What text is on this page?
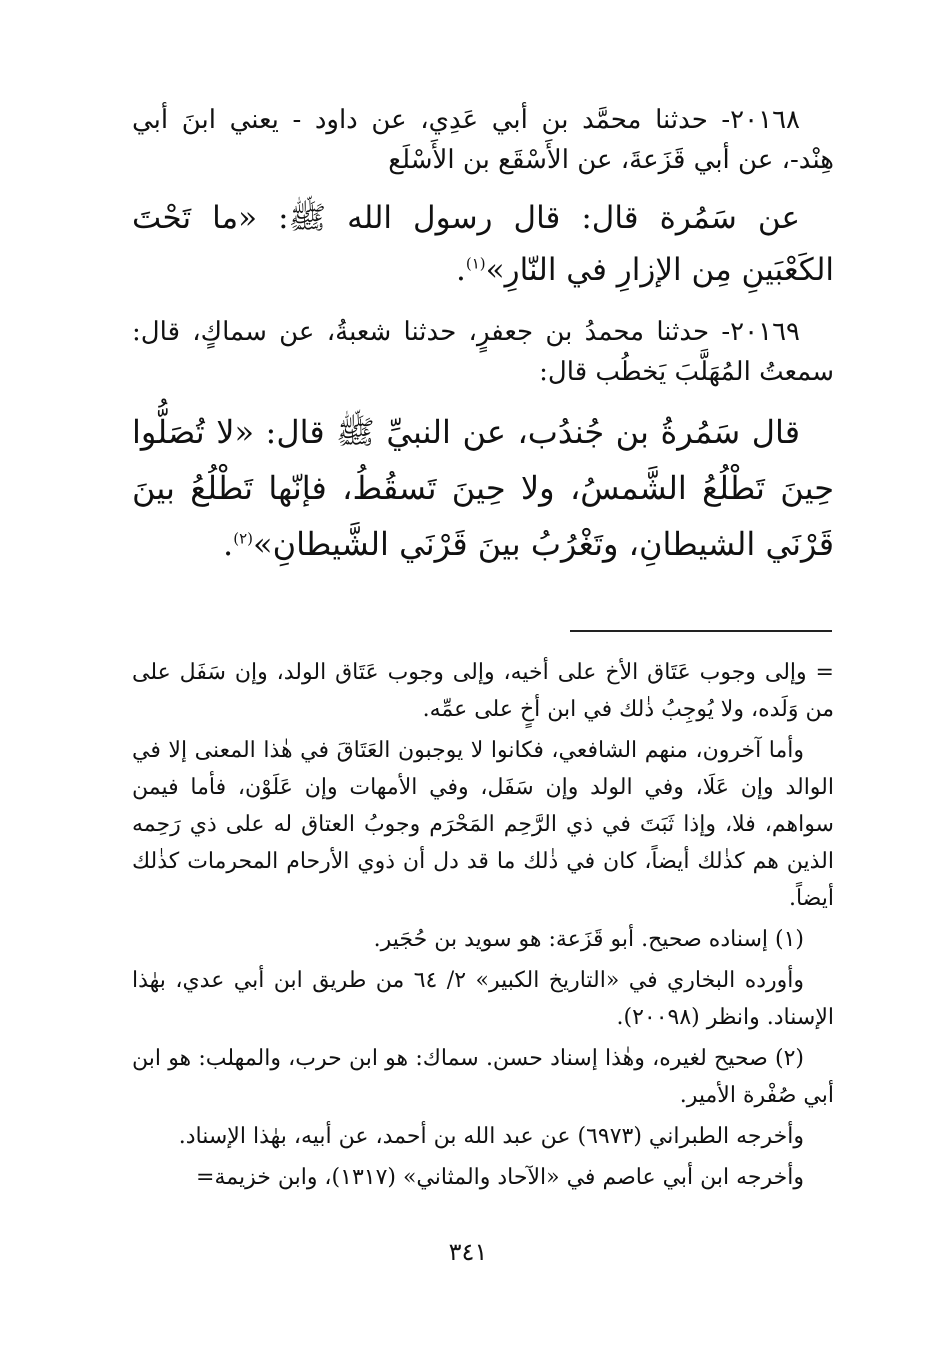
٢٠١٦٨- حدثنا محمَّد بن أبي عَدِي، عن داود - يعني ابنَ أبي هِنْد-، عن أبي قَزَعةَ، عن الأَسْقَع بن الأَسْلَع

عن سَمُرة قال: قال رسول الله ﷺ: «ما تَحْتَ الكَعْبَينِ مِن الإزارِ في النّارِ»$^{(١)}$.

٢٠١٦٩- حدثنا محمدُ بن جعفرٍ، حدثنا شعبةُ، عن سماكٍ، قال: سمعتُ المُهَلَّبَ يَخطُب قال:

قال سَمُرةُ بن جُندُب، عن النبيِّ ﷺ قال: «لا تُصَلُّوا حِينَ تَطْلُعُ الشَّمسُ، ولا حِينَ تَسقُطُ، فإنّها تَطْلُعُ بينَ قَرْنَي الشيطانِ، وتَغْرُبُ بينَ قَرْنَي الشَّيطانِ»$^{(٢)}$.

= وإلى وجوب عَتَاق الأخ على أخيه، وإلى وجوب عَتَاق الولد، وإن سَفَل على من وَلَده، ولا يُوجِبُ ذٰلك في ابن أخٍ على عمِّه.

وأما آخرون، منهم الشافعي، فكانوا لا يوجبون العَتَاقَ في هٰذا المعنى إلا في الوالد وإن عَلَا، وفي الولد وإن سَفَل، وفي الأمهات وإن عَلَوْن، فأما فيمن سواهم، فلا، وإذا ثَبَتَ في ذي الرَّحِم المَحْرَم وجوبُ العتاق له على ذي رَحِمه الذين هم كذٰلك أيضاً، كان في ذٰلك ما قد دل أن ذوي الأرحام المحرمات كذٰلك أيضاً.

(١) إسناده صحيح. أبو قَزَعة: هو سويد بن حُجَير.

وأورده البخاري في «التاريخ الكبير» ٢/ ٦٤ من طريق ابن أبي عدي، بهٰذا الإسناد. وانظر (٢٠٠٩٨).

(٢) صحيح لغيره، وهٰذا إسناد حسن. سماك: هو ابن حرب، والمهلب: هو ابن أبي صُفْرة الأمير.

وأخرجه الطبراني (٦٩٧٣) عن عبد الله بن أحمد، عن أبيه، بهٰذا الإسناد.

وأخرجه ابن أبي عاصم في «الآحاد والمثاني» (١٣١٧)، وابن خزيمة=

٣٤١
